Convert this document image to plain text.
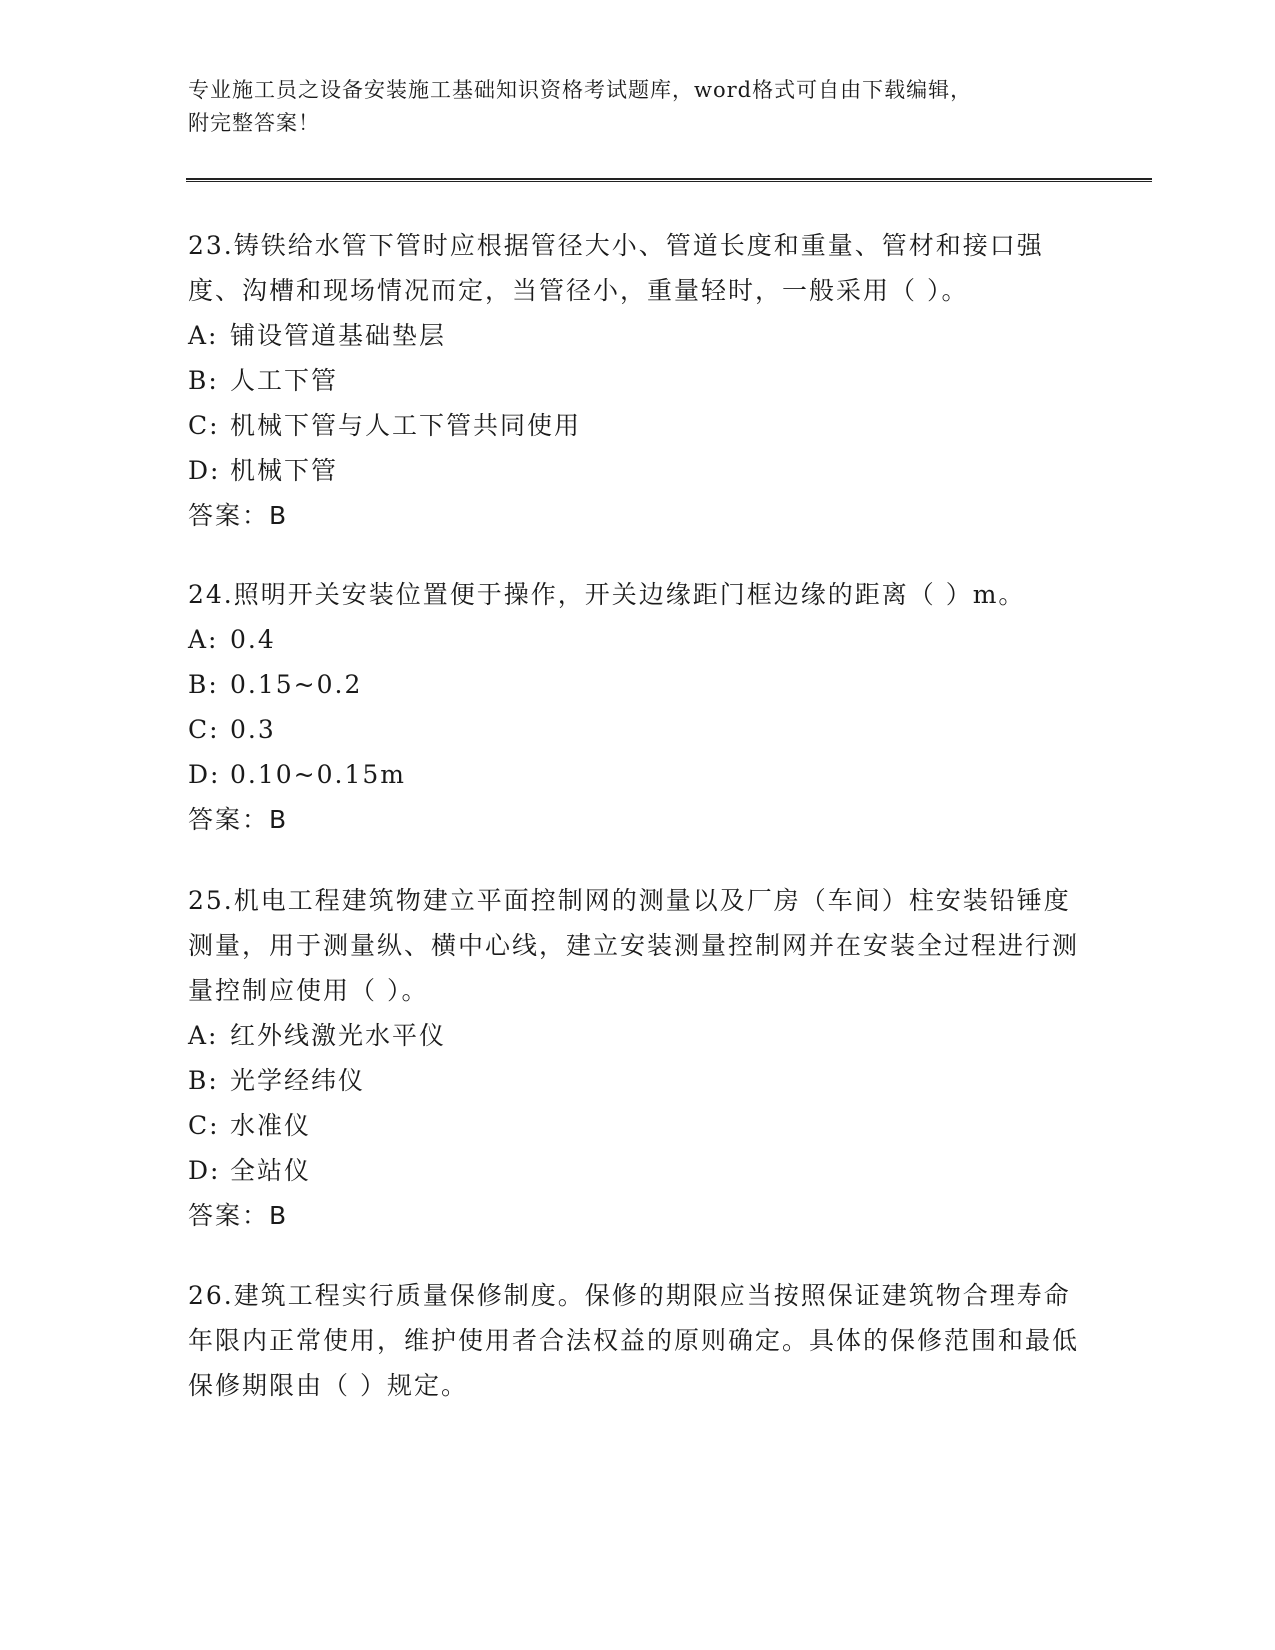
专业施工员之设备安装施工基础知识资格考试题库，word格式可自由下载编辑，
附完整答案！
23.铸铁给水管下管时应根据管径大小、管道长度和重量、管材和接口强度、沟槽和现场情况而定，当管径小，重量轻时，一般采用（ ）。
A: 铺设管道基础垫层
B: 人工下管
C: 机械下管与人工下管共同使用
D: 机械下管
答案：B
24.照明开关安装位置便于操作，开关边缘距门框边缘的距离（ ）m。
A: 0.4
B: 0.15~0.2
C: 0.3
D: 0.10~0.15m
答案：B
25.机电工程建筑物建立平面控制网的测量以及厂房（车间）柱安装铅锤度测量，用于测量纵、横中心线，建立安装测量控制网并在安装全过程进行测量控制应使用（ ）。
A: 红外线激光水平仪
B: 光学经纬仪
C: 水准仪
D: 全站仪
答案：B
26.建筑工程实行质量保修制度。保修的期限应当按照保证建筑物合理寿命年限内正常使用，维护使用者合法权益的原则确定。具体的保修范围和最低保修期限由（ ）规定。
